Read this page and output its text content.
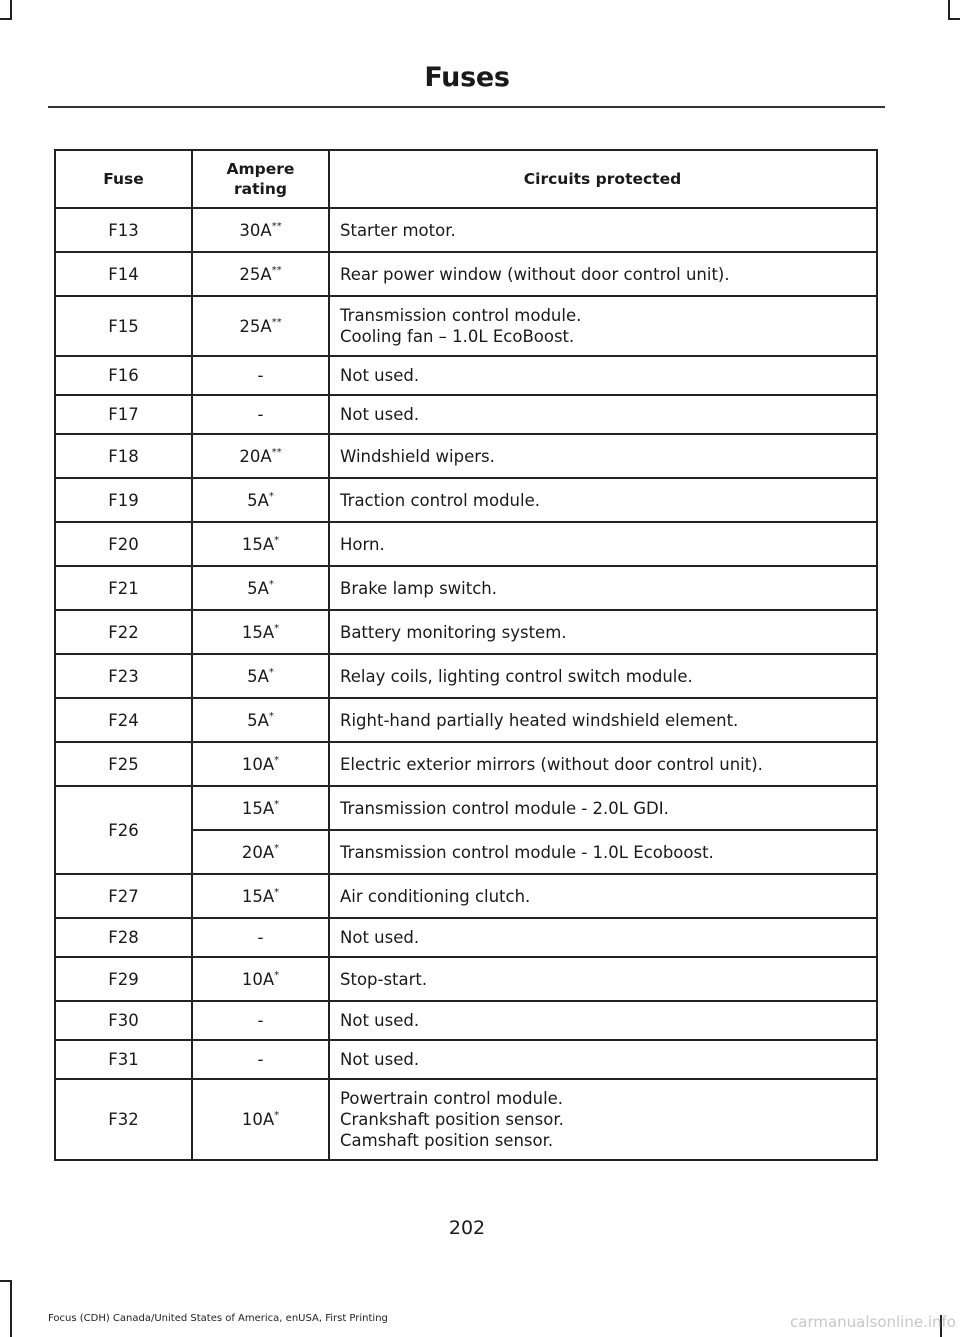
Fuses
Fuse	Ampere rating	Circuits protected
F13	30A**	Starter motor.

F14	25A**	Rear power window (without door control unit).

F15	25A**	Transmission control module.
Cooling fan – 1.0L EcoBoost.

F16	-	Not used.

F17	-	Not used.

F18	20A**	Windshield wipers.

F19	5A*	Traction control module.

F20	15A*	Horn.

F21	5A*	Brake lamp switch.

F22	15A*	Battery monitoring system.

F23	5A*	Relay coils, lighting control switch module.

F24	5A*	Right-hand partially heated windshield element.

F25	10A*	Electric exterior mirrors (without door control unit).

F26	15A*	Transmission control module - 2.0L GDI.

	20A*	Transmission control module - 1.0L Ecoboost.

F27	15A*	Air conditioning clutch.

F28	-	Not used.

F29	10A*	Stop-start.

F30	-	Not used.

F31	-	Not used.

F32	10A*	Powertrain control module.
Crankshaft position sensor.
Camshaft position sensor.
202
Focus (CDH) Canada/United States of America, enUSA, First Printing	carmanualsonline.info
